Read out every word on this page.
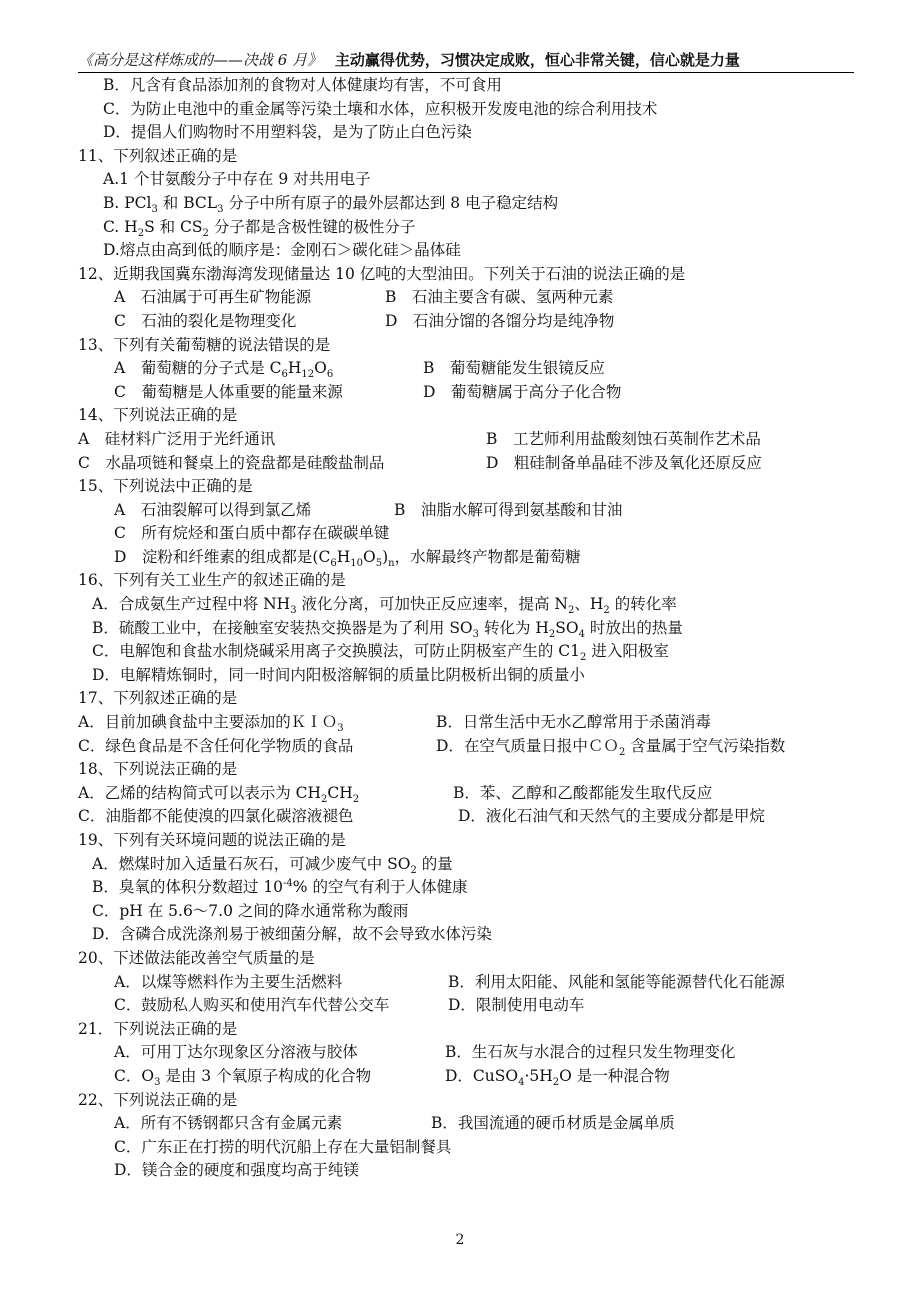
《高分是这样炼成的——决战 6 月》 主动赢得优势，习惯决定成败，恒心非常关键，信心就是力量
B．凡含有食品添加剂的食物对人体健康均有害，不可食用
C．为防止电池中的重金属等污染土壤和水体，应积极开发废电池的综合利用技术
D．提倡人们购物时不用塑料袋，是为了防止白色污染
11、下列叙述正确的是
A.1 个甘氨酸分子中存在 9 对共用电子
B. PCl$_3$ 和 $BCL_3$ 分子中所有原子的最外层都达到 8 电子稳定结构
C. $H_2S$ 和 $CS_2$ 分子都是含极性键的极性分子
D.熔点由高到低的顺序是：金刚石＞碳化硅＞晶体硅
12、近期我国冀东渤海湾发现储量达 10 亿吨的大型油田。下列关于石油的说法正确的是
A　石油属于可再生矿物能源	B　石油主要含有碳、氢两种元素
C　石油的裂化是物理变化	D　石油分馏的各馏分均是纯净物
13、下列有关葡萄糖的说法错误的是
A　葡萄糖的分子式是 $C_6H_{12}O_6$	B　葡萄糖能发生银镜反应
C　葡萄糖是人体重要的能量来源	D　葡萄糖属于高分子化合物
14、下列说法正确的是
A　硅材料广泛用于光纤通讯	B　工艺师利用盐酸刻蚀石英制作艺术品
C　水晶项链和餐桌上的瓷盘都是硅酸盐制品	D　粗硅制备单晶硅不涉及氧化还原反应
15、下列说法中正确的是
A　石油裂解可以得到氯乙烯	B　油脂水解可得到氨基酸和甘油
C　所有烷烃和蛋白质中都存在碳碳单键
D　淀粉和纤维素的组成都是$(C_6H_{10}O_5)_n$，水解最终产物都是葡萄糖
16、下列有关工业生产的叙述正确的是
A．合成氨生产过程中将 $NH_3$ 液化分离，可加快正反应速率，提高 $N_2$、$H_2$ 的转化率
B．硫酸工业中，在接触室安装热交换器是为了利用 $SO_3$ 转化为 $H_2SO_4$ 时放出的热量
C．电解饱和食盐水制烧碱采用离子交换膜法，可防止阴极室产生的 $C1_2$ 进入阳极室
D．电解精炼铜时，同一时间内阳极溶解铜的质量比阴极析出铜的质量小
17、下列叙述正确的是
A．目前加碘食盐中主要添加的ＫＩＯ$_3$	B．日常生活中无水乙醇常用于杀菌消毒
C．绿色食品是不含任何化学物质的食品	D．在空气质量日报中ＣＯ$_2$ 含量属于空气污染指数
18、下列说法正确的是
A．乙烯的结构简式可以表示为 $CH_2CH_2$	B．苯、乙醇和乙酸都能发生取代反应
C．油脂都不能使溴的四氯化碳溶液褪色	D．液化石油气和天然气的主要成分都是甲烷
19、下列有关环境问题的说法正确的是
A．燃煤时加入适量石灰石，可减少废气中 $SO_2$ 的量
B．臭氧的体积分数超过 $10^{-4}\%$ 的空气有利于人体健康
C．pH 在 5.6～7.0 之间的降水通常称为酸雨
D．含磷合成洗涤剂易于被细菌分解，故不会导致水体污染
20、下述做法能改善空气质量的是
A．以煤等燃料作为主要生活燃料	B．利用太阳能、风能和氢能等能源替代化石能源
C．鼓励私人购买和使用汽车代替公交车	D．限制使用电动车
21．下列说法正确的是
A．可用丁达尔现象区分溶液与胶体	B．生石灰与水混合的过程只发生物理变化
C．$O_3$ 是由 3 个氧原子构成的化合物	D．$CuSO_4\cdot 5H_2O$ 是一种混合物
22、下列说法正确的是
A．所有不锈钢都只含有金属元素	B．我国流通的硬币材质是金属单质
C．广东正在打捞的明代沉船上存在大量铝制餐具
D．镁合金的硬度和强度均高于纯镁
2
